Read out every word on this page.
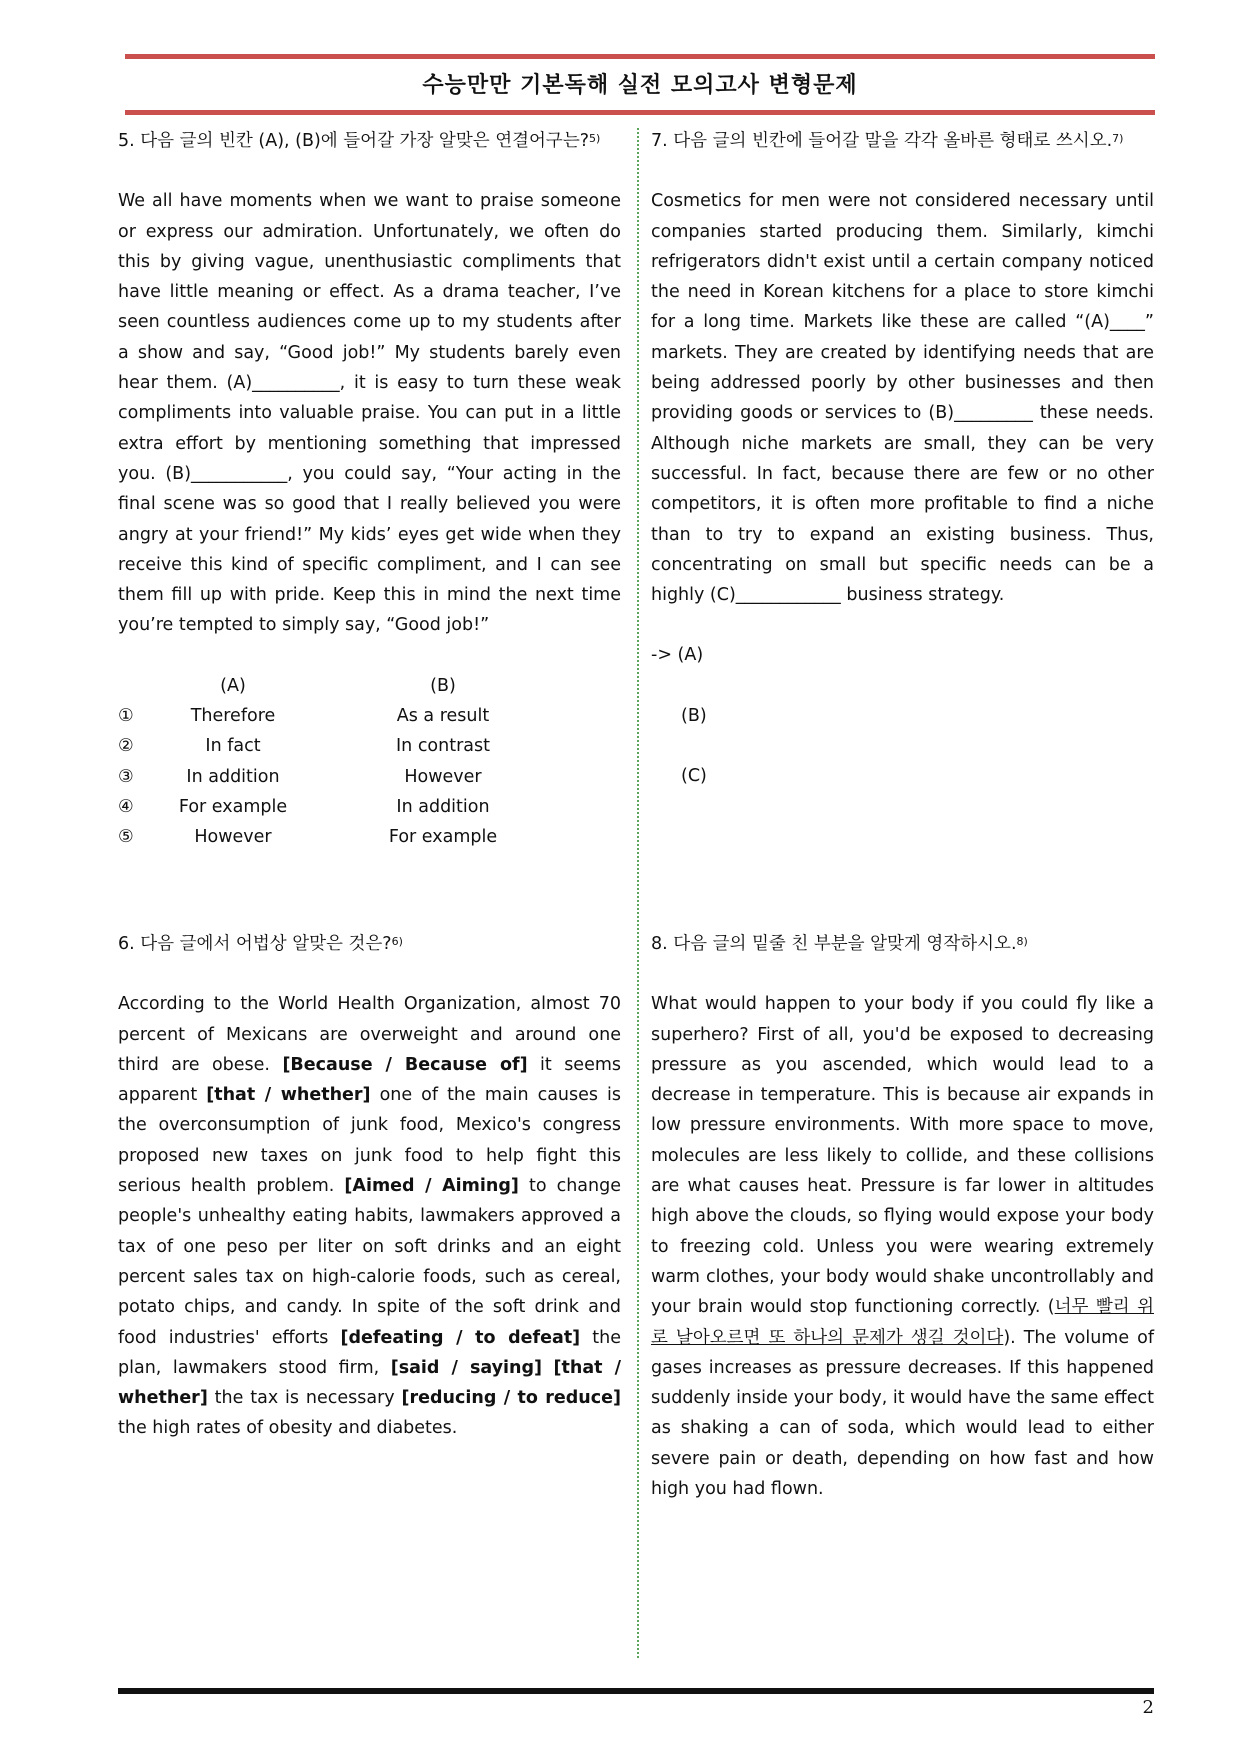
수능만만 기본독해 실전 모의고사 변형문제

5. 다음 글의 빈칸 (A), (B)에 들어갈 가장 알맞은 연결어구는?$^{5)}$

We all have moments when we want to praise someone or express our admiration. Unfortunately, we often do this by giving vague, unenthusiastic compliments that have little meaning or effect. As a drama teacher, I’ve seen countless audiences come up to my students after a show and say, “Good job!” My students barely even hear them. (A)__________, it is easy to turn these weak compliments into valuable praise. You can put in a little extra effort by mentioning something that impressed you. (B)___________, you could say, “Your acting in the final scene was so good that I really believed you were angry at your friend!” My kids’ eyes get wide when they receive this kind of specific compliment, and I can see them fill up with pride. Keep this in mind the next time you’re tempted to simply say, “Good job!”

(A)	(B)
①	Therefore	As a result
②	In fact	In contrast
③	In addition	However
④	For example	In addition
⑤	However	For example

6. 다음 글에서 어법상 알맞은 것은?$^{6)}$

According to the World Health Organization, almost 70 percent of Mexicans are overweight and around one third are obese. [Because / Because of] it seems apparent [that / whether] one of the main causes is the overconsumption of junk food, Mexico's congress proposed new taxes on junk food to help fight this serious health problem. [Aimed / Aiming] to change people's unhealthy eating habits, lawmakers approved a tax of one peso per liter on soft drinks and an eight percent sales tax on high-calorie foods, such as cereal, potato chips, and candy. In spite of the soft drink and food industries' efforts [defeating / to defeat] the plan, lawmakers stood firm, [said / saying] [that / whether] the tax is necessary [reducing / to reduce] the high rates of obesity and diabetes.

7. 다음 글의 빈칸에 들어갈 말을 각각 올바른 형태로 쓰시오.$^{7)}$

Cosmetics for men were not considered necessary until companies started producing them. Similarly, kimchi refrigerators didn't exist until a certain company noticed the need in Korean kitchens for a place to store kimchi for a long time. Markets like these are called “(A)____” markets. They are created by identifying needs that are being addressed poorly by other businesses and then providing goods or services to (B)_________ these needs. Although niche markets are small, they can be very successful. In fact, because there are few or no other competitors, it is often more profitable to find a niche than to try to expand an existing business. Thus, concentrating on small but specific needs can be a highly (C)____________ business strategy.

-> (A)
(B)
(C)

8. 다음 글의 밑줄 친 부분을 알맞게 영작하시오.$^{8)}$

What would happen to your body if you could fly like a superhero? First of all, you'd be exposed to decreasing pressure as you ascended, which would lead to a decrease in temperature. This is because air expands in low pressure environments. With more space to move, molecules are less likely to collide, and these collisions are what causes heat. Pressure is far lower in altitudes high above the clouds, so flying would expose your body to freezing cold. Unless you were wearing extremely warm clothes, your body would shake uncontrollably and your brain would stop functioning correctly. (너무 빨리 위로 날아오르면 또 하나의 문제가 생길 것이다). The volume of gases increases as pressure decreases. If this happened suddenly inside your body, it would have the same effect as shaking a can of soda, which would lead to either severe pain or death, depending on how fast and how high you had flown.

2
